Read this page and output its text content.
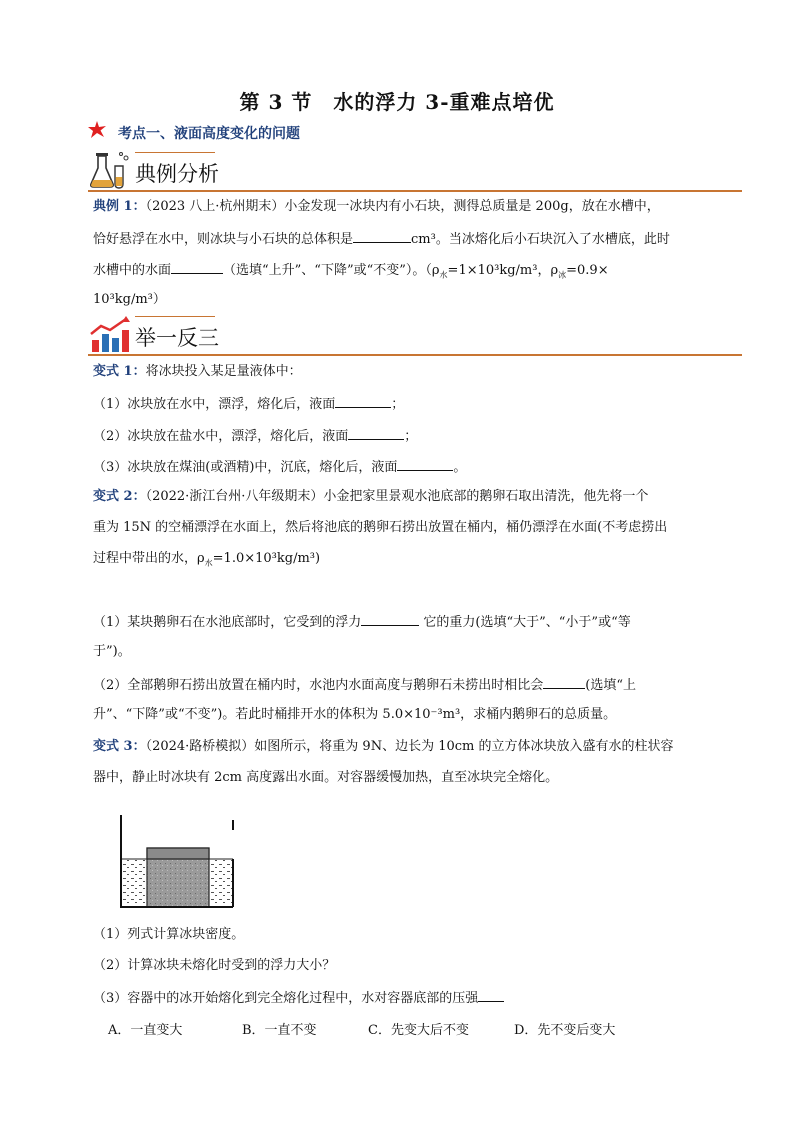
第 3 节　水的浮力 3-重难点培优
考点一、液面高度变化的问题
典例分析
典例 1：（2023 八上·杭州期末）小金发现一冰块内有小石块，测得总质量是 200g，放在水槽中，
恰好悬浮在水中，则冰块与小石块的总体积是	cm³。当冰熔化后小石块沉入了水槽底，此时
水槽中的水面	（选填“上升”、“下降”或“不变”）。（$\rho_水=1\times 10^3kg/m^3$，$\rho_冰=0.9\times$
10³kg/m³）
举一反三
变式 1：将冰块投入某足量液体中：
（1）冰块放在水中，漂浮，熔化后，液面	；
（2）冰块放在盐水中，漂浮，熔化后，液面	；
（3）冰块放在煤油(或酒精)中，沉底，熔化后，液面	。
变式 2：（2022·浙江台州·八年级期末）小金把家里景观水池底部的鹅卵石取出清洗，他先将一个
重为 15N 的空桶漂浮在水面上，然后将池底的鹅卵石捞出放置在桶内，桶仍漂浮在水面(不考虑捞出
过程中带出的水，$\rho_水=1.0\times 10^3kg/m^3$)
（1）某块鹅卵石在水池底部时，它受到的浮力	它的重力(选填“大于”、“小于”或“等
于”)。
（2）全部鹅卵石捞出放置在桶内时，水池内水面高度与鹅卵石未捞出时相比会	(选填“上
升”、“下降”或“不变”)。若此时桶排开水的体积为 5.0×10⁻³m³，求桶内鹅卵石的总质量。
变式 3：（2024·路桥模拟）如图所示，将重为 9N、边长为 10cm 的立方体冰块放入盛有水的柱状容
器中，静止时冰块有 2cm 高度露出水面。对容器缓慢加热，直至冰块完全熔化。
（1）列式计算冰块密度。
（2）计算冰块未熔化时受到的浮力大小？
（3）容器中的冰开始熔化到完全熔化过程中，水对容器底部的压强
A．一直变大	B．一直不变	C．先变大后不变	D．先不变后变大
